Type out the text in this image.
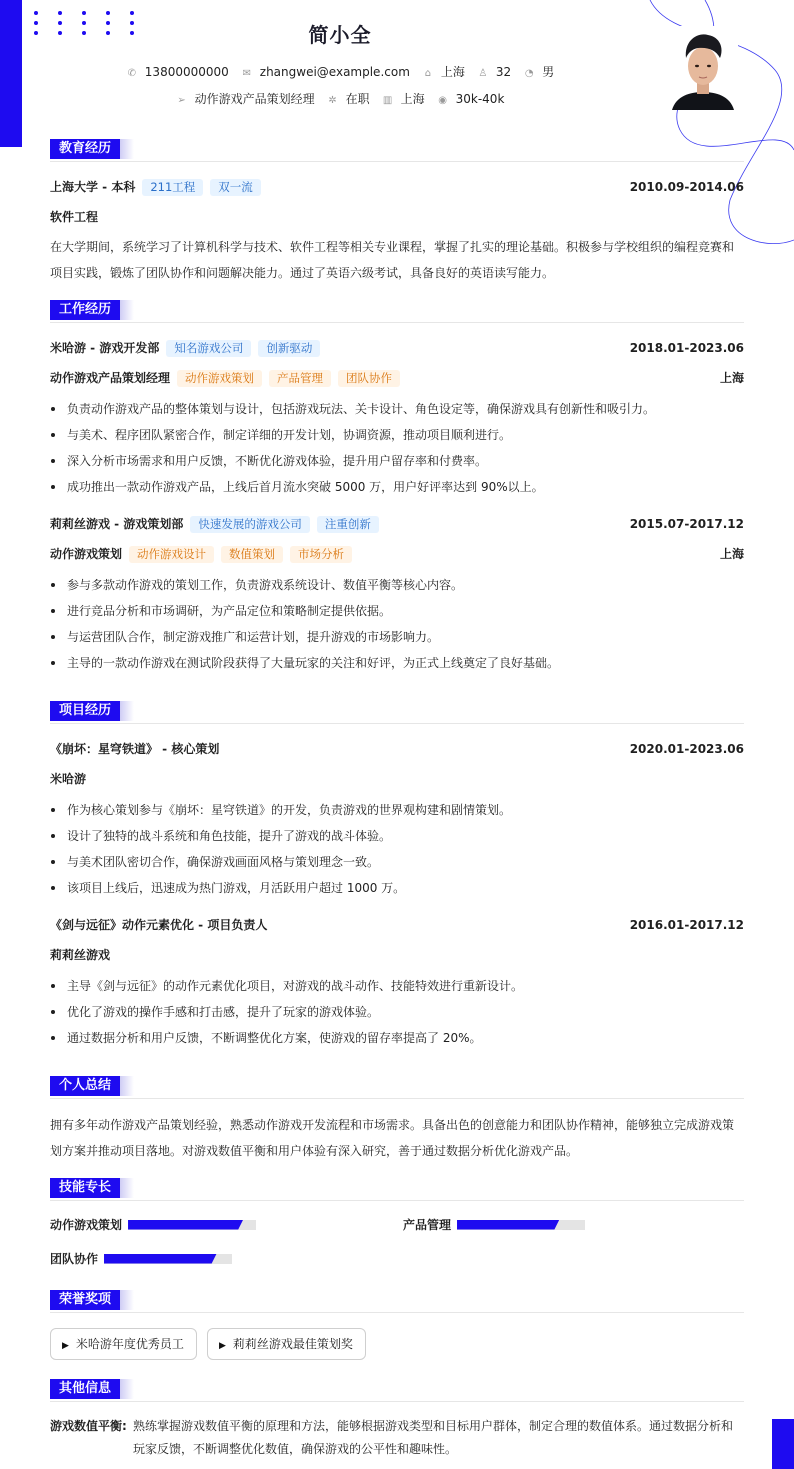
简小全
✆ 13800000000 ✉ zhangwei@example.com ⌂ 上海 ♙ 32 ◔ 男
➢ 动作游戏产品策划经理 ✲ 在职 ▥ 上海 ◉ 30k-40k
教育经历
上海大学 - 本科 211工程 双一流	2010.09-2014.06
软件工程
在大学期间，系统学习了计算机科学与技术、软件工程等相关专业课程，掌握了扎实的理论基础。积极参与学校组织的编程竞赛和项目实践，锻炼了团队协作和问题解决能力。通过了英语六级考试，具备良好的英语读写能力。
工作经历
米哈游 - 游戏开发部 知名游戏公司 创新驱动	2018.01-2023.06
动作游戏产品策划经理 动作游戏策划 产品管理 团队协作	上海
负责动作游戏产品的整体策划与设计，包括游戏玩法、关卡设计、角色设定等，确保游戏具有创新性和吸引力。
与美术、程序团队紧密合作，制定详细的开发计划，协调资源，推动项目顺利进行。
深入分析市场需求和用户反馈，不断优化游戏体验，提升用户留存率和付费率。
成功推出一款动作游戏产品，上线后首月流水突破 5000 万，用户好评率达到 90%以上。
莉莉丝游戏 - 游戏策划部 快速发展的游戏公司 注重创新	2015.07-2017.12
动作游戏策划 动作游戏设计 数值策划 市场分析	上海
参与多款动作游戏的策划工作，负责游戏系统设计、数值平衡等核心内容。
进行竞品分析和市场调研，为产品定位和策略制定提供依据。
与运营团队合作，制定游戏推广和运营计划，提升游戏的市场影响力。
主导的一款动作游戏在测试阶段获得了大量玩家的关注和好评，为正式上线奠定了良好基础。
项目经历
《崩坏：星穹铁道》 - 核心策划	2020.01-2023.06
米哈游
作为核心策划参与《崩坏：星穹铁道》的开发，负责游戏的世界观构建和剧情策划。
设计了独特的战斗系统和角色技能，提升了游戏的战斗体验。
与美术团队密切合作，确保游戏画面风格与策划理念一致。
该项目上线后，迅速成为热门游戏，月活跃用户超过 1000 万。
《剑与远征》动作元素优化 - 项目负责人	2016.01-2017.12
莉莉丝游戏
主导《剑与远征》的动作元素优化项目，对游戏的战斗动作、技能特效进行重新设计。
优化了游戏的操作手感和打击感，提升了玩家的游戏体验。
通过数据分析和用户反馈，不断调整优化方案，使游戏的留存率提高了 20%。
个人总结
拥有多年动作游戏产品策划经验，熟悉动作游戏开发流程和市场需求。具备出色的创意能力和团队协作精神，能够独立完成游戏策划方案并推动项目落地。对游戏数值平衡和用户体验有深入研究，善于通过数据分析优化游戏产品。
技能专长
动作游戏策划	产品管理
团队协作
荣誉奖项
▶ 米哈游年度优秀员工	▶ 莉莉丝游戏最佳策划奖
其他信息
游戏数值平衡: 熟练掌握游戏数值平衡的原理和方法，能够根据游戏类型和目标用户群体，制定合理的数值体系。通过数据分析和玩家反馈，不断调整优化数值，确保游戏的公平性和趣味性。
